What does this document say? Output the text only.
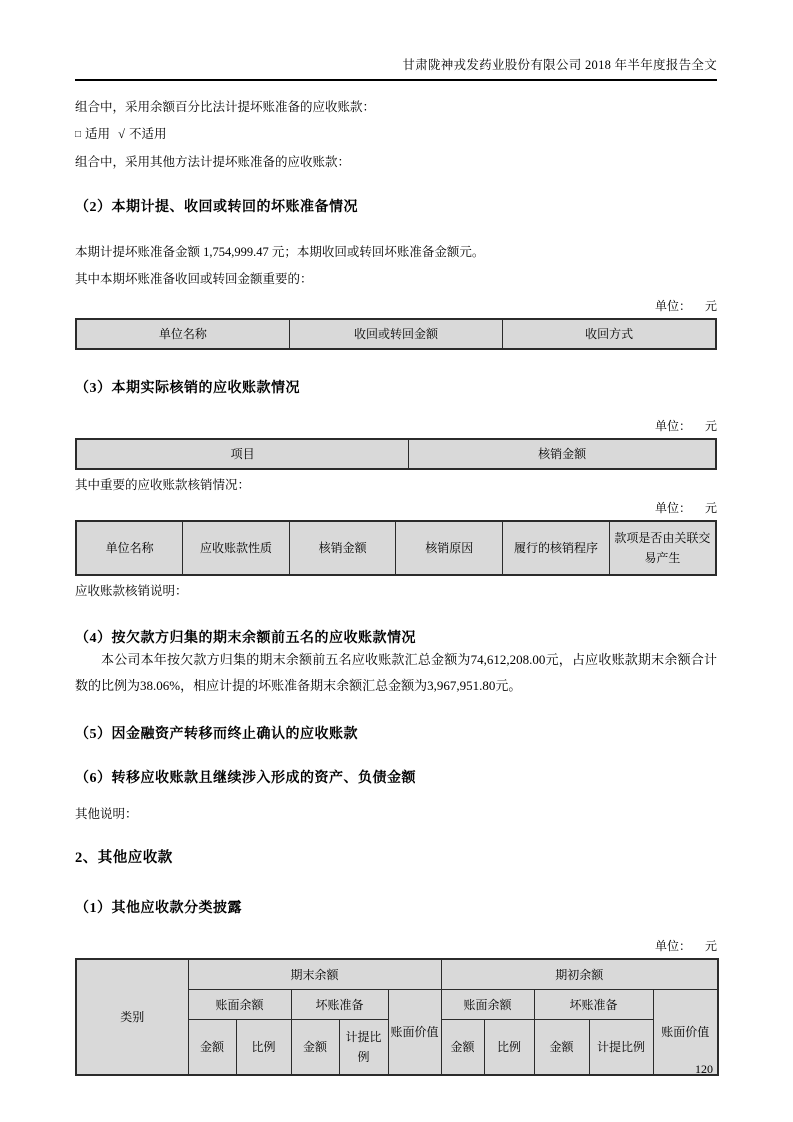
甘肃陇神戎发药业股份有限公司 2018 年半年度报告全文

组合中，采用余额百分比法计提坏账准备的应收账款：

□ 适用 √ 不适用

组合中，采用其他方法计提坏账准备的应收账款：

（2）本期计提、收回或转回的坏账准备情况

本期计提坏账准备金额 1,754,999.47 元；本期收回或转回坏账准备金额元。

其中本期坏账准备收回或转回金额重要的：

单位： 元

单位名称	收回或转回金额	收回方式
（3）本期实际核销的应收账款情况

单位： 元

项目	核销金额

其中重要的应收账款核销情况：

单位： 元

单位名称	应收账款性质	核销金额	核销原因	履行的核销程序	款项是否由关联交易产生

应收账款核销说明：

（4）按欠款方归集的期末余额前五名的应收账款情况

本公司本年按欠款方归集的期末余额前五名应收账款汇总金额为74,612,208.00元，占应收账款期末余额合计数的比例为38.06%，相应计提的坏账准备期末余额汇总金额为3,967,951.80元。

（5）因金融资产转移而终止确认的应收账款
（6）转移应收账款且继续涉入形成的资产、负债金额

其他说明：

2、其他应收款
（1）其他应收款分类披露

单位： 元

类别	期末余额					期初余额				
	账面余额		坏账准备		账面价值	账面余额		坏账准备		账面价值
	金额	比例	金额	计提比例		金额	比例	金额	计提比例	
120
